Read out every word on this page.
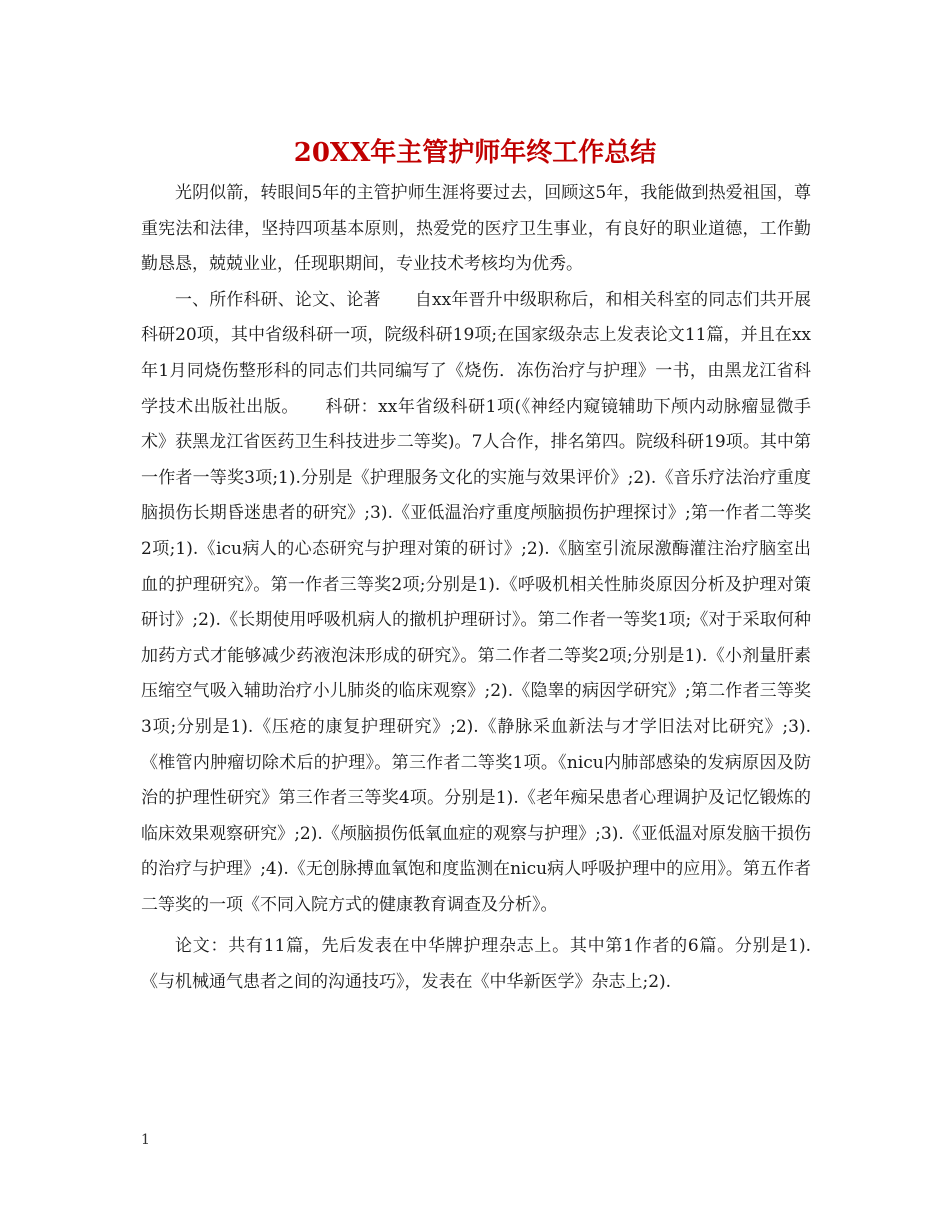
20XX年主管护师年终工作总结

光阴似箭，转眼间5年的主管护师生涯将要过去，回顾这5年，我能做到热爱祖国，尊重宪法和法律，坚持四项基本原则，热爱党的医疗卫生事业，有良好的职业道德，工作勤勤恳恳，兢兢业业，任现职期间，专业技术考核均为优秀。

一、所作科研、论文、论著　　自xx年晋升中级职称后，和相关科室的同志们共开展科研20项，其中省级科研一项，院级科研19项;在国家级杂志上发表论文11篇，并且在xx年1月同烧伤整形科的同志们共同编写了《烧伤．冻伤治疗与护理》一书，由黑龙江省科学技术出版社出版。　　科研：xx年省级科研1项(《神经内窥镜辅助下颅内动脉瘤显微手术》获黑龙江省医药卫生科技进步二等奖)。7人合作，排名第四。院级科研19项。其中第一作者一等奖3项;1).分别是《护理服务文化的实施与效果评价》;2).《音乐疗法治疗重度脑损伤长期昏迷患者的研究》;3).《亚低温治疗重度颅脑损伤护理探讨》;第一作者二等奖2项;1).《icu病人的心态研究与护理对策的研讨》;2).《脑室引流尿激酶灌注治疗脑室出血的护理研究》。第一作者三等奖2项;分别是1).《呼吸机相关性肺炎原因分析及护理对策研讨》;2).《长期使用呼吸机病人的撤机护理研讨》。第二作者一等奖1项;《对于采取何种加药方式才能够减少药液泡沫形成的研究》。第二作者二等奖2项;分别是1).《小剂量肝素压缩空气吸入辅助治疗小儿肺炎的临床观察》;2).《隐睾的病因学研究》;第二作者三等奖3项;分别是1).《压疮的康复护理研究》;2).《静脉采血新法与才学旧法对比研究》;3).《椎管内肿瘤切除术后的护理》。第三作者二等奖1项。《nicu内肺部感染的发病原因及防治的护理性研究》第三作者三等奖4项。分别是1).《老年痴呆患者心理调护及记忆锻炼的临床效果观察研究》;2).《颅脑损伤低氧血症的观察与护理》;3).《亚低温对原发脑干损伤的治疗与护理》;4).《无创脉搏血氧饱和度监测在nicu病人呼吸护理中的应用》。第五作者二等奖的一项《不同入院方式的健康教育调查及分析》。

论文：共有11篇，先后发表在中华牌护理杂志上。其中第1作者的6篇。分别是1).《与机械通气患者之间的沟通技巧》，发表在《中华新医学》杂志上;2).

1
